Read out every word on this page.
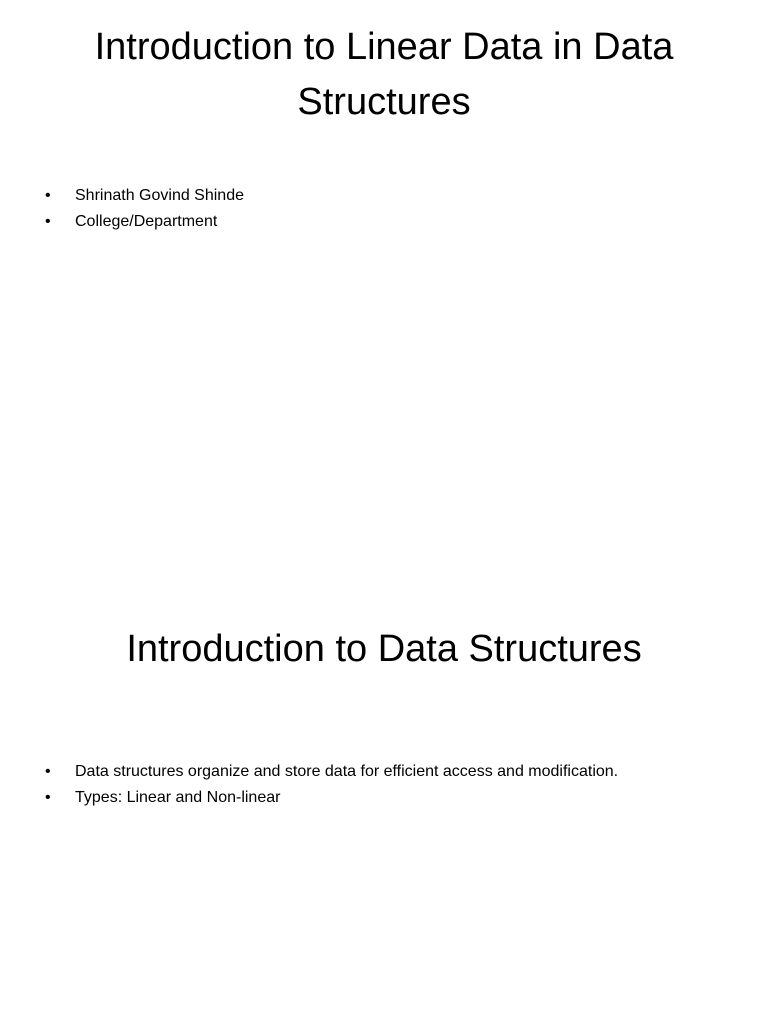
Introduction to Linear Data in Data Structures
•	Shrinath Govind Shinde
•	College/Department
Introduction to Data Structures
•	Data structures organize and store data for efficient access and modification.
•	Types: Linear and Non-linear
